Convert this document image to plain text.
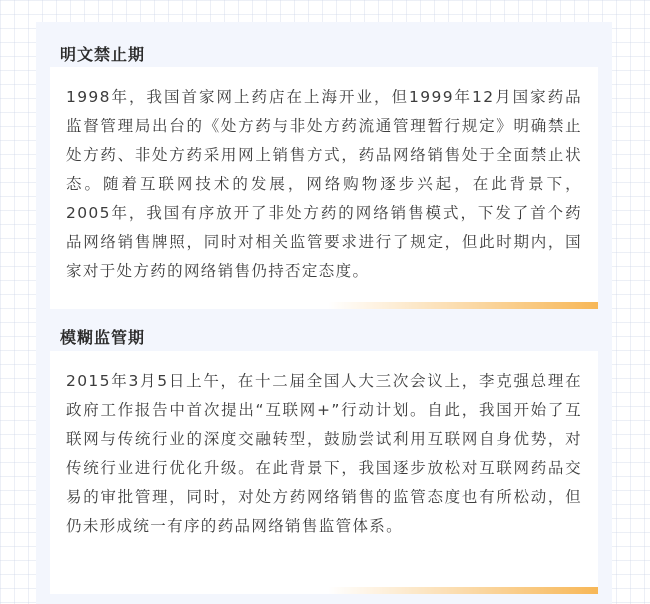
明文禁止期

1998年，我国首家网上药店在上海开业，但1999年12月国家药品监督管理局出台的《处方药与非处方药流通管理暂行规定》明确禁止处方药、非处方药采用网上销售方式，药品网络销售处于全面禁止状态。随着互联网技术的发展，网络购物逐步兴起，在此背景下，2005年，我国有序放开了非处方药的网络销售模式，下发了首个药品网络销售牌照，同时对相关监管要求进行了规定，但此时期内，国家对于处方药的网络销售仍持否定态度。

模糊监管期

2015年3月5日上午，在十二届全国人大三次会议上，李克强总理在政府工作报告中首次提出“互联网+”行动计划。自此，我国开始了互联网与传统行业的深度交融转型，鼓励尝试利用互联网自身优势，对传统行业进行优化升级。在此背景下，我国逐步放松对互联网药品交易的审批管理，同时，对处方药网络销售的监管态度也有所松动，但仍未形成统一有序的药品网络销售监管体系。
